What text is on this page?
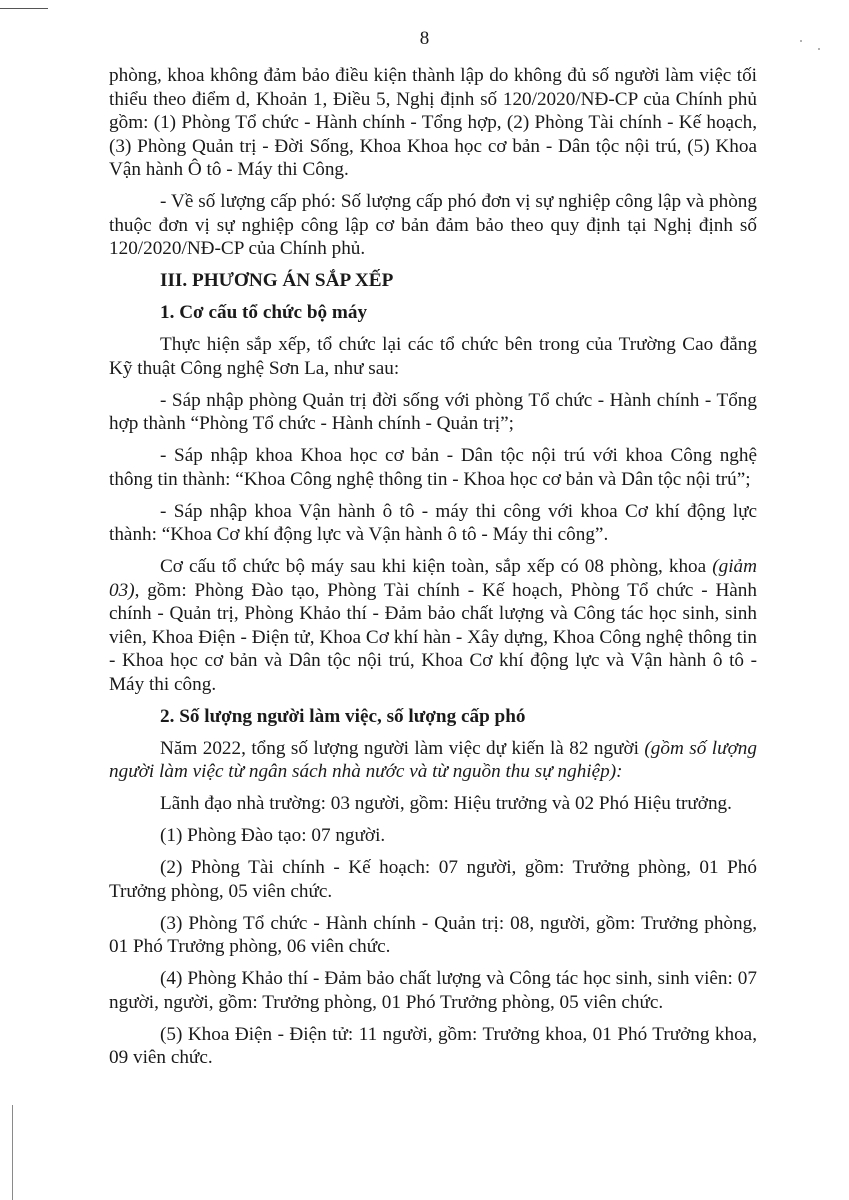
8

phòng, khoa không đảm bảo điều kiện thành lập do không đủ số người làm việc tối thiểu theo điểm d, Khoản 1, Điều 5, Nghị định số 120/2020/NĐ-CP của Chính phủ gồm: (1) Phòng Tổ chức - Hành chính - Tổng hợp, (2) Phòng Tài chính - Kế hoạch, (3) Phòng Quản trị - Đời Sống, Khoa Khoa học cơ bản - Dân tộc nội trú, (5) Khoa Vận hành Ô tô - Máy thi Công.

- Về số lượng cấp phó: Số lượng cấp phó đơn vị sự nghiệp công lập và phòng thuộc đơn vị sự nghiệp công lập cơ bản đảm bảo theo quy định tại Nghị định số 120/2020/NĐ-CP của Chính phủ.

III. PHƯƠNG ÁN SẮP XẾP

1. Cơ cấu tổ chức bộ máy

Thực hiện sắp xếp, tổ chức lại các tổ chức bên trong của Trường Cao đẳng Kỹ thuật Công nghệ Sơn La, như sau:

- Sáp nhập phòng Quản trị đời sống với phòng Tổ chức - Hành chính - Tổng hợp thành “Phòng Tổ chức - Hành chính - Quản trị”;

- Sáp nhập khoa Khoa học cơ bản - Dân tộc nội trú với khoa Công nghệ thông tin thành: “Khoa Công nghệ thông tin - Khoa học cơ bản và Dân tộc nội trú”;

- Sáp nhập khoa Vận hành ô tô - máy thi công với khoa Cơ khí động lực thành: “Khoa Cơ khí động lực và Vận hành ô tô - Máy thi công”.

Cơ cấu tổ chức bộ máy sau khi kiện toàn, sắp xếp có 08 phòng, khoa (giảm 03), gồm: Phòng Đào tạo, Phòng Tài chính - Kế hoạch, Phòng Tổ chức - Hành chính - Quản trị, Phòng Khảo thí - Đảm bảo chất lượng và Công tác học sinh, sinh viên, Khoa Điện - Điện tử, Khoa Cơ khí hàn - Xây dựng, Khoa Công nghệ thông tin - Khoa học cơ bản và Dân tộc nội trú, Khoa Cơ khí động lực và Vận hành ô tô - Máy thi công.

2. Số lượng người làm việc, số lượng cấp phó

Năm 2022, tổng số lượng người làm việc dự kiến là 82 người (gồm số lượng người làm việc từ ngân sách nhà nước và từ nguồn thu sự nghiệp):

Lãnh đạo nhà trường: 03 người, gồm: Hiệu trưởng và 02 Phó Hiệu trưởng.

(1) Phòng Đào tạo: 07 người.

(2) Phòng Tài chính - Kế hoạch: 07 người, gồm: Trưởng phòng, 01 Phó Trưởng phòng, 05 viên chức.

(3) Phòng Tổ chức - Hành chính - Quản trị: 08, người, gồm: Trưởng phòng, 01 Phó Trưởng phòng, 06 viên chức.

(4) Phòng Khảo thí - Đảm bảo chất lượng và Công tác học sinh, sinh viên: 07 người, người, gồm: Trưởng phòng, 01 Phó Trưởng phòng, 05 viên chức.

(5) Khoa Điện - Điện tử: 11 người, gồm: Trưởng khoa, 01 Phó Trưởng khoa, 09 viên chức.
